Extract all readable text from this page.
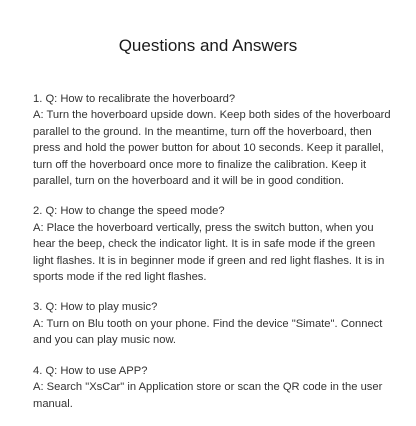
Questions and Answers

1. Q: How to recalibrate the hoverboard?

A: Turn the hoverboard upside down. Keep both sides of the hoverboard parallel to the ground. In the meantime, turn off the hoverboard, then press and hold the power button for about 10 seconds. Keep it parallel, turn off the hoverboard once more to finalize the calibration. Keep it parallel, turn on the hoverboard and it will be in good condition.

2. Q: How to change the speed mode?

A: Place the hoverboard vertically, press the switch button, when you hear the beep, check the indicator light. It is in safe mode if the green light flashes. It is in beginner mode if green and red light flashes. It is in sports mode if the red light flashes.

3. Q: How to play music?

A: Turn on Blu tooth on your phone. Find the device "Simate". Connect and you can play music now.

4. Q: How to use APP?

A: Search "XsCar" in Application store or scan the QR code in the user manual.
